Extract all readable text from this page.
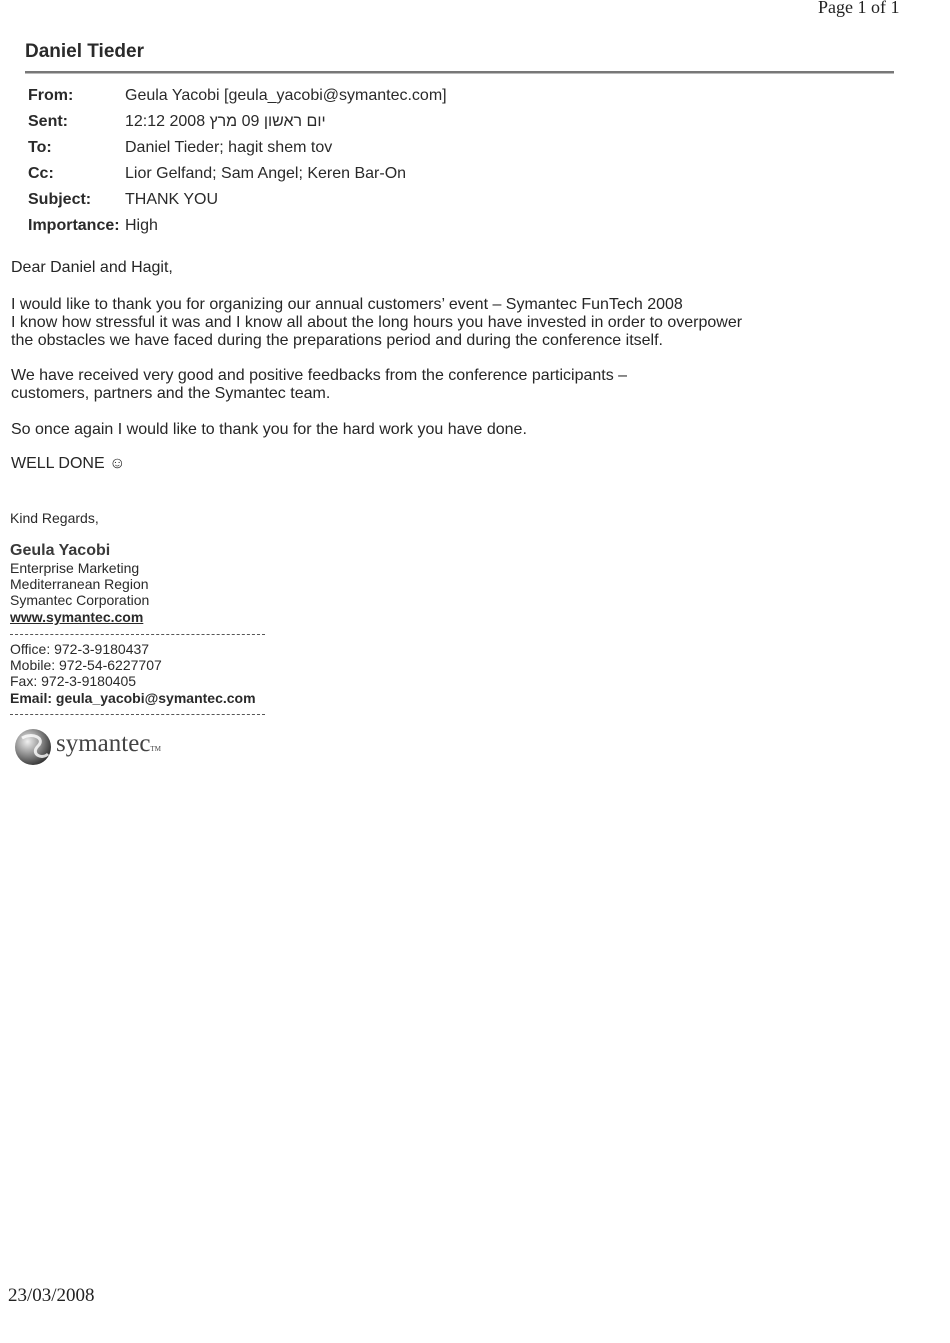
Page 1 of 1
Daniel Tieder
From:	Geula Yacobi [geula_yacobi@symantec.com]
Sent:	יום ראשון 09 מרץ 2008 12:12
To:	Daniel Tieder; hagit shem tov
Cc:	Lior Gelfand; Sam Angel; Keren Bar-On
Subject: THANK YOU
Importance: High
Dear Daniel and Hagit,
I would like to thank you for organizing our annual customers’ event – Symantec FunTech 2008
I know how stressful it was and I know all about the long hours you have invested in order to overpower
the obstacles we have faced during the preparations period and during the conference itself.
We have received very good and positive feedbacks from the conference participants –
customers, partners and the Symantec team.
So once again I would like to thank you for the hard work you have done.
WELL DONE ☺
Kind Regards,
Geula Yacobi
Enterprise Marketing
Mediterranean Region
Symantec Corporation
www.symantec.com
Office: 972-3-9180437
Mobile: 972-54-6227707
Fax: 972-3-9180405
Email: geula_yacobi@symantec.com
symantecTM
23/03/2008
